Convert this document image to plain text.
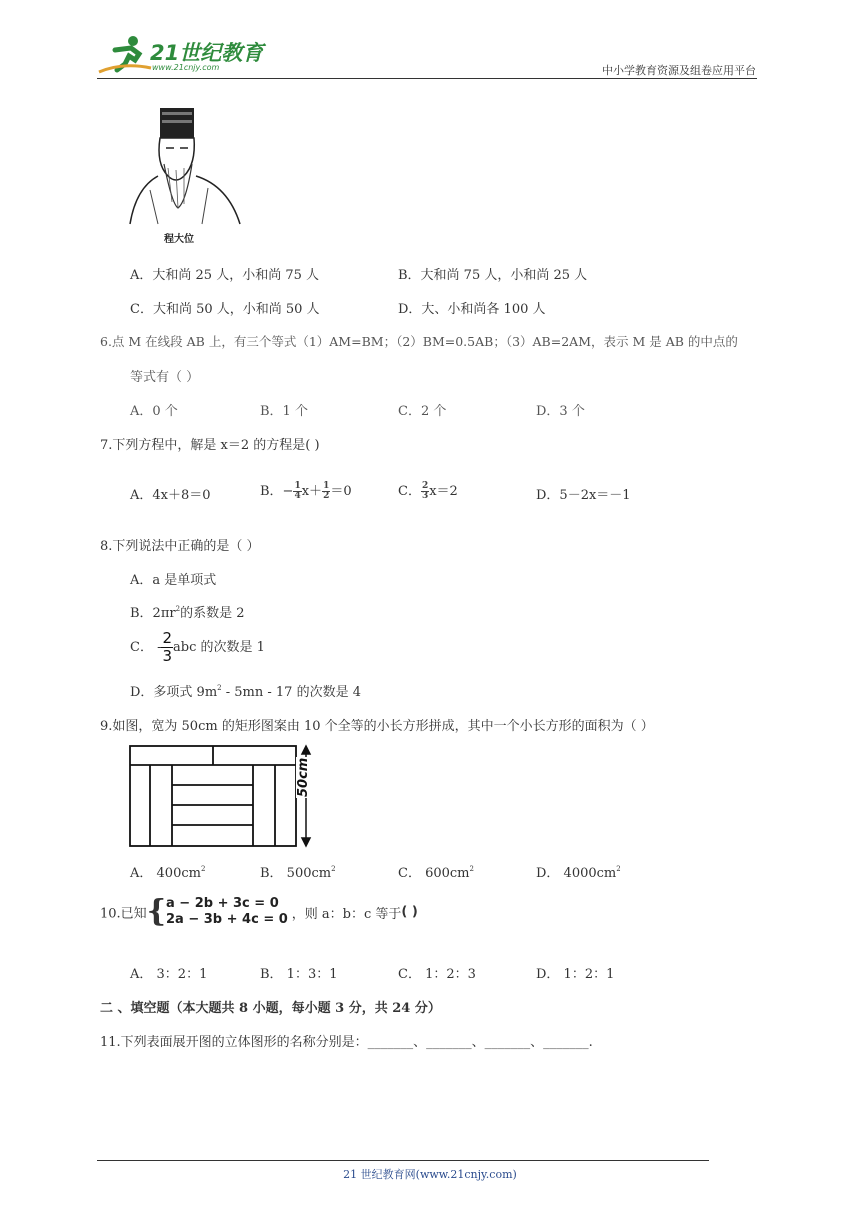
21世纪教育
www.21cnjy.com	中小学教育资源及组卷应用平台
程大位
A．大和尚 25 人，小和尚 75 人	B．大和尚 75 人，小和尚 25 人
C．大和尚 50 人，小和尚 50 人	D．大、小和尚各 100 人
6.点 M 在线段 AB 上，有三个等式（1）AM=BM；（2）BM=0.5AB；（3）AB=2AM，表示 M 是 AB 的中点的
等式有（ ）
A．0 个	B．1 个	C．2 个	D．3 个
7.下列方程中，解是 x＝2 的方程是( )
A．4x＋8＝0	B．− $\frac{1}{4} x+ \frac{1}{2} =0$	C． $\frac{2}{3} x=2$	D．5－2x＝－1
8.下列说法中正确的是（ ）
A．a 是单项式
B．$2\pi r^2$的系数是 2
C． - $\frac{2}{3}$ abc 的次数是 1
D．多项式 $9m^2 - 5mn - 17$ 的次数是 4
9.如图，宽为 50cm 的矩形图案由 10 个全等的小长方形拼成，其中一个小长方形的面积为（ ）
50cm
A． $400cm^2$	B． $500cm^2$	C． $600cm^2$	D． $4000cm^2$
10.已知{ a − 2b + 3c = 0
2a − 3b + 4c = 0 ，则 a：b：c 等于( )
A． 3：2：1	B． 1：3：1	C． 1：2：3	D． 1：2：1
二 、填空题（本大题共 8 小题，每小题 3 分，共 24 分）
11.下列表面展开图的立体图形的名称分别是：_______、_______、_______、_______.
21 世纪教育网(www.21cnjy.com)
